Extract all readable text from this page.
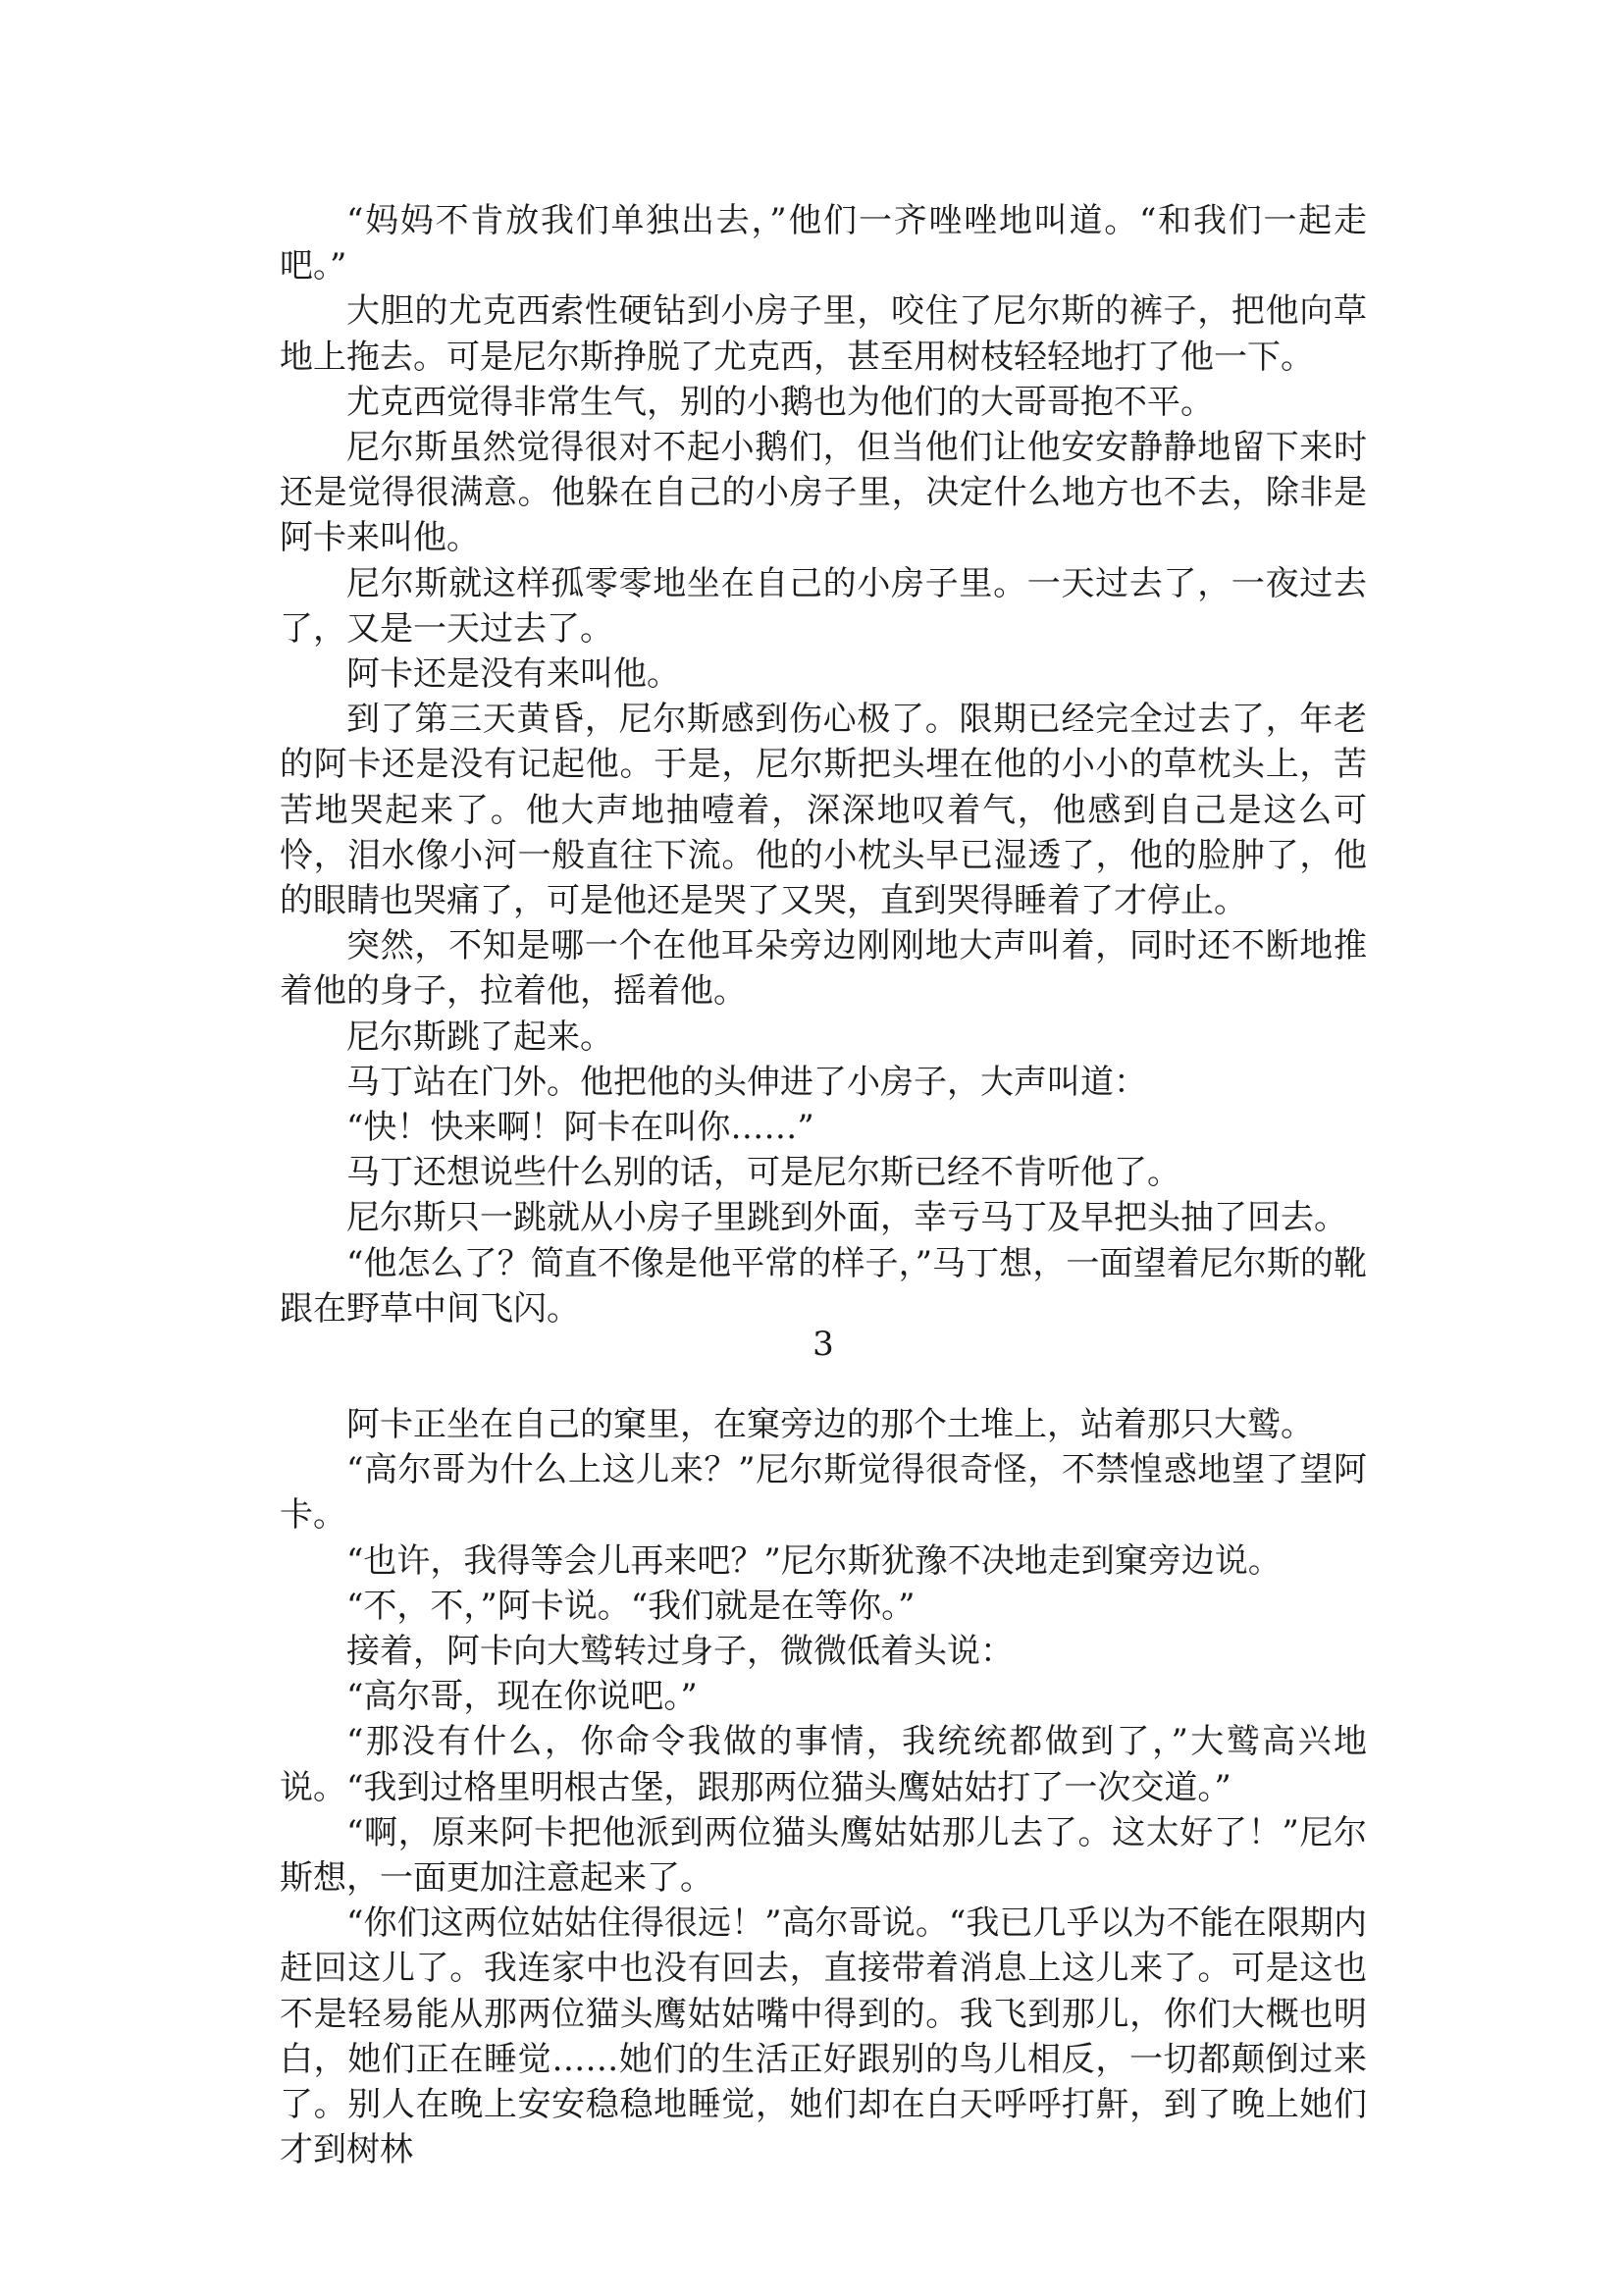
“妈妈不肯放我们单独出去，”他们一齐唑唑地叫道。“和我们一起走吧。”

大胆的尤克西索性硬钻到小房子里，咬住了尼尔斯的裤子，把他向草地上拖去。可是尼尔斯挣脱了尤克西，甚至用树枝轻轻地打了他一下。

尤克西觉得非常生气，别的小鹅也为他们的大哥哥抱不平。

尼尔斯虽然觉得很对不起小鹅们，但当他们让他安安静静地留下来时还是觉得很满意。他躲在自己的小房子里，决定什么地方也不去，除非是阿卡来叫他。

尼尔斯就这样孤零零地坐在自己的小房子里。一天过去了，一夜过去了，又是一天过去了。

阿卡还是没有来叫他。

到了第三天黄昏，尼尔斯感到伤心极了。限期已经完全过去了，年老的阿卡还是没有记起他。于是，尼尔斯把头埋在他的小小的草枕头上，苦苦地哭起来了。他大声地抽噎着，深深地叹着气，他感到自己是这么可怜，泪水像小河一般直往下流。他的小枕头早已湿透了，他的脸肿了，他的眼睛也哭痛了，可是他还是哭了又哭，直到哭得睡着了才停止。

突然，不知是哪一个在他耳朵旁边刚刚地大声叫着，同时还不断地推着他的身子，拉着他，摇着他。

尼尔斯跳了起来。

马丁站在门外。他把他的头伸进了小房子，大声叫道：

“快！快来啊！阿卡在叫你……”

马丁还想说些什么别的话，可是尼尔斯已经不肯听他了。

尼尔斯只一跳就从小房子里跳到外面，幸亏马丁及早把头抽了回去。

“他怎么了？简直不像是他平常的样子，”马丁想，一面望着尼尔斯的靴跟在野草中间飞闪。

3

阿卡正坐在自己的窠里，在窠旁边的那个土堆上，站着那只大鹫。

“高尔哥为什么上这儿来？”尼尔斯觉得很奇怪，不禁惶惑地望了望阿卡。

“也许，我得等会儿再来吧？”尼尔斯犹豫不决地走到窠旁边说。

“不，不，”阿卡说。“我们就是在等你。”

接着，阿卡向大鹫转过身子，微微低着头说：

“高尔哥，现在你说吧。”

“那没有什么，你命令我做的事情，我统统都做到了，”大鹫高兴地说。“我到过格里明根古堡，跟那两位猫头鹰姑姑打了一次交道。”

“啊，原来阿卡把他派到两位猫头鹰姑姑那儿去了。这太好了！”尼尔斯想，一面更加注意起来了。

“你们这两位姑姑住得很远！”高尔哥说。“我已几乎以为不能在限期内赶回这儿了。我连家中也没有回去，直接带着消息上这儿来了。可是这也不是轻易能从那两位猫头鹰姑姑嘴中得到的。我飞到那儿，你们大概也明白，她们正在睡觉……她们的生活正好跟别的鸟儿相反，一切都颠倒过来了。别人在晚上安安稳稳地睡觉，她们却在白天呼呼打鼾，到了晚上她们才到树林
